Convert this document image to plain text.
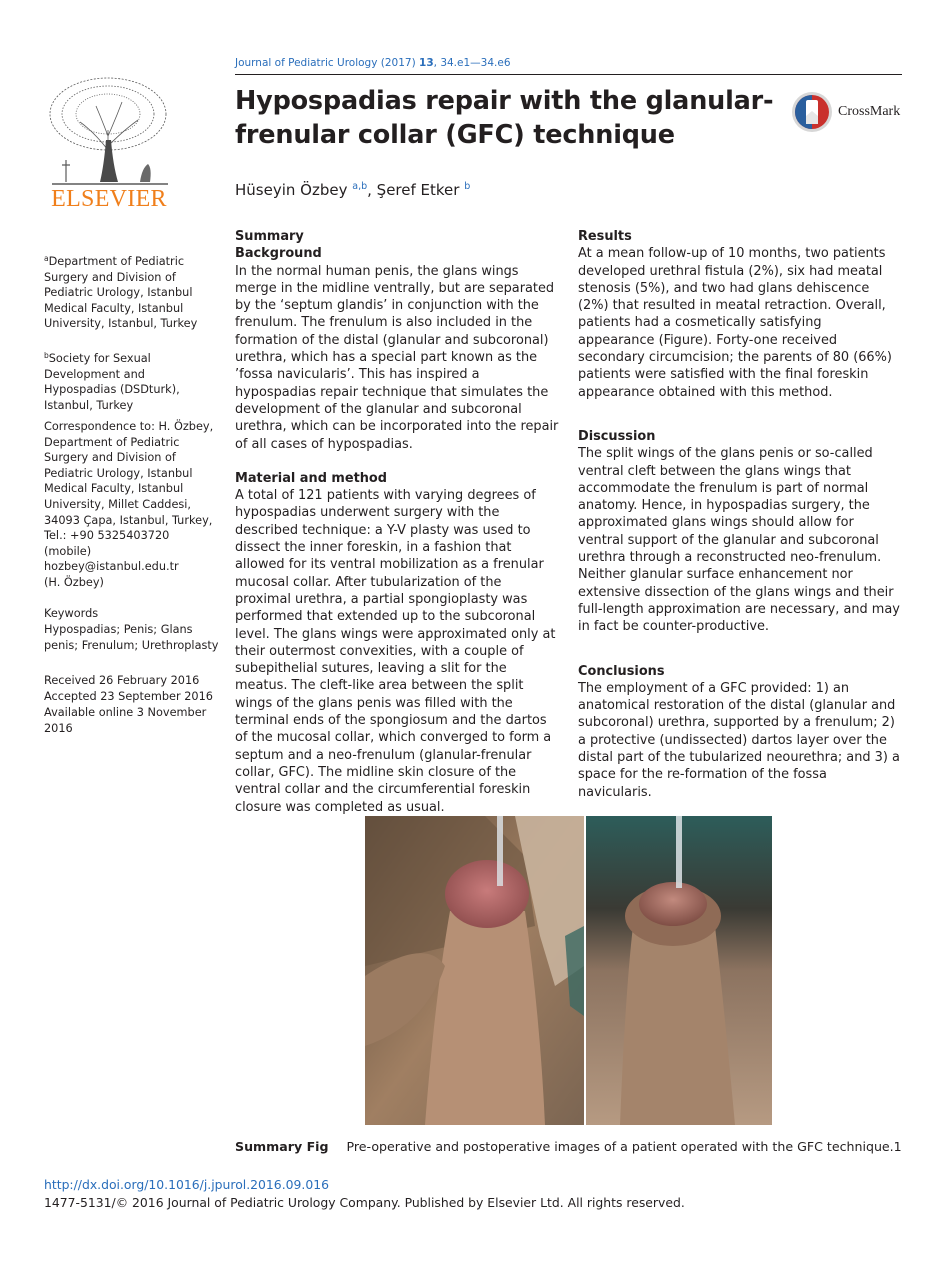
ELSEVIER
Journal of Pediatric Urology (2017) 13, 34.e1—34.e6
CrossMark
Hypospadias repair with the glanular-frenular collar (GFC) technique
Hüseyin Özbey $^{a,b}$, Şeref Etker $^b$
$^a$Department of Pediatric Surgery and Division of Pediatric Urology, Istanbul Medical Faculty, Istanbul University, Istanbul, Turkey
$^b$Society for Sexual Development and Hypospadias (DSDturk), Istanbul, Turkey
Correspondence to: H. Özbey, Department of Pediatric Surgery and Division of Pediatric Urology, Istanbul Medical Faculty, Istanbul University, Millet Caddesi, 34093 Çapa, Istanbul, Turkey, Tel.: +90 5325403720 (mobile)
hozbey@istanbul.edu.tr
(H. Özbey)
Keywords
Hypospadias; Penis; Glans penis; Frenulum; Urethroplasty
Received 26 February 2016
Accepted 23 September 2016
Available online 3 November 2016
Summary
Background

In the normal human penis, the glans wings merge in the midline ventrally, but are separated by the ‘septum glandis’ in conjunction with the frenulum. The frenulum is also included in the formation of the distal (glanular and subcoronal) urethra, which has a special part known as the ’fossa navicularis’. This has inspired a hypospadias repair technique that simulates the development of the glanular and subcoronal urethra, which can be incorporated into the repair of all cases of hypospadias.

Material and method

A total of 121 patients with varying degrees of hypospadias underwent surgery with the described technique: a Y-V plasty was used to dissect the inner foreskin, in a fashion that allowed for its ventral mobilization as a frenular mucosal collar. After tubularization of the proximal urethra, a partial spongioplasty was performed that extended up to the subcoronal level. The glans wings were approximated only at their outermost convexities, with a couple of subepithelial sutures, leaving a slit for the meatus. The cleft-like area between the split wings of the glans penis was filled with the terminal ends of the spongiosum and the dartos of the mucosal collar, which converged to form a septum and a neo-frenulum (glanular-frenular collar, GFC). The midline skin closure of the ventral collar and the circumferential foreskin closure was completed as usual.

Results

At a mean follow-up of 10 months, two patients developed urethral fistula (2%), six had meatal stenosis (5%), and two had glans dehiscence (2%) that resulted in meatal retraction. Overall, patients had a cosmetically satisfying appearance (Figure). Forty-one received secondary circumcision; the parents of 80 (66%) patients were satisfied with the final foreskin appearance obtained with this method.

Discussion

The split wings of the glans penis or so-called ventral cleft between the glans wings that accommodate the frenulum is part of normal anatomy. Hence, in hypospadias surgery, the approximated glans wings should allow for ventral support of the glanular and subcoronal urethra through a reconstructed neo-frenulum. Neither glanular surface enhancement nor extensive dissection of the glans wings and their full-length approximation are necessary, and may in fact be counter-productive.

Conclusions

The employment of a GFC provided: 1) an anatomical restoration of the distal (glanular and subcoronal) urethra, supported by a frenulum; 2) a protective (undissected) dartos layer over the distal part of the tubularized neourethra; and 3) a space for the re-formation of the fossa navicularis.

Summary Fig Pre-operative and postoperative images of a patient operated with the GFC technique.1
http://dx.doi.org/10.1016/j.jpurol.2016.09.016
1477-5131/© 2016 Journal of Pediatric Urology Company. Published by Elsevier Ltd. All rights reserved.
